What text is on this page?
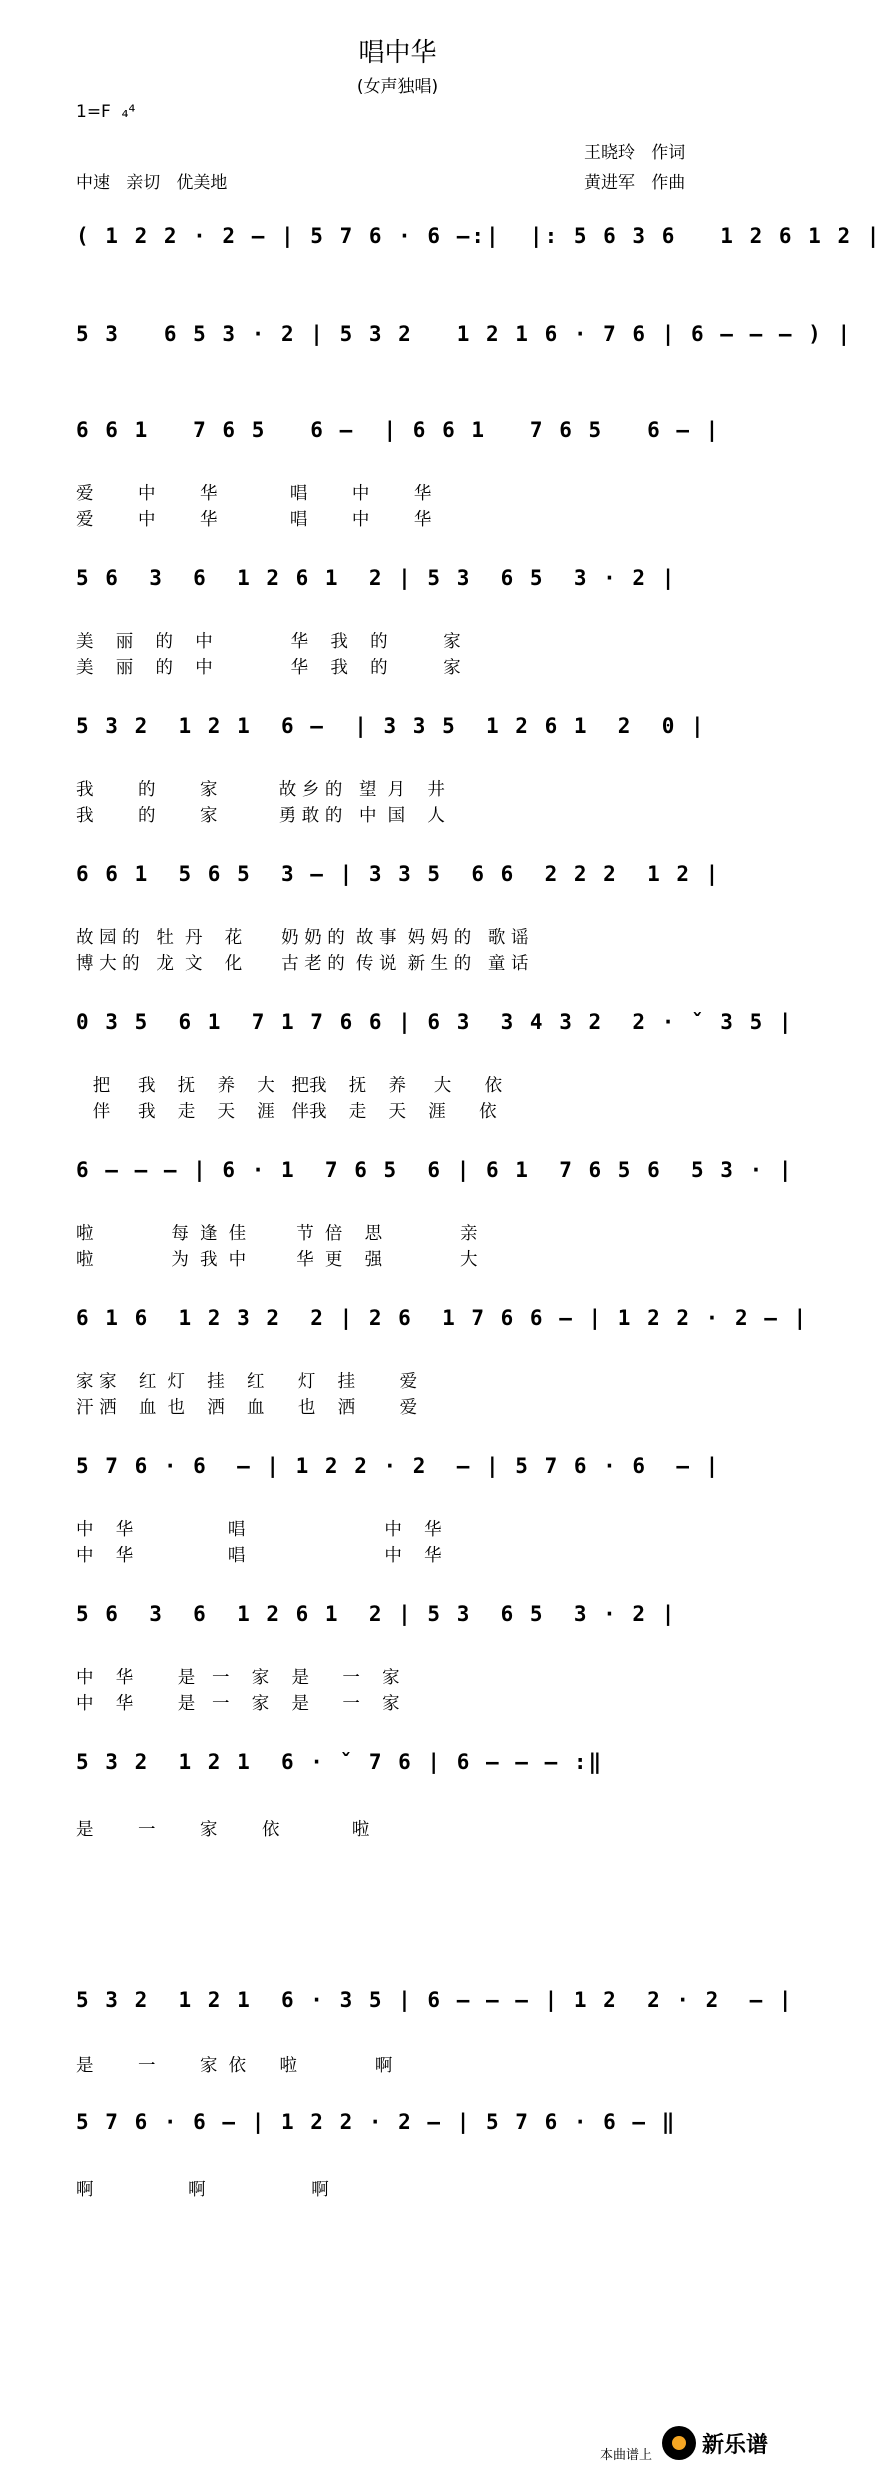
唱中华
(女声独唱)
1=F  ₄⁴
王晓玲   作词
中速   亲切   优美地	黄进军   作曲
( 1 2 2 · 2 — | 5 7 6 · 6 —:|  |: 5 6 3 6   1 2 6 1 2 |
5 3   6 5 3 · 2 | 5 3 2   1 2 1 6 · 7 6 | 6 — — — ) |
6 6 1   7 6 5   6 —  | 6 6 1   7 6 5   6 — |
爱        中        华             唱        中        华
爱        中        华             唱        中        华
5 6  3  6  1 2 6 1  2 | 5 3  6 5  3 · 2 |
美    丽    的    中              华    我    的          家
美    丽    的    中              华    我    的          家
5 3 2  1 2 1  6 —  | 3 3 5  1 2 6 1  2  0 |
我        的        家           故 乡 的   望  月    井
我        的        家           勇 敢 的   中  国    人
6 6 1  5 6 5  3 — | 3 3 5  6 6  2 2 2  1 2 |
故 园 的   牡  丹    花       奶 奶 的  故 事  妈 妈 的   歌 谣
博 大 的   龙  文    化       古 老 的  传 说  新 生 的   童 话
0 3 5  6 1  7 1 7 6 6 | 6 3  3 4 3 2  2 · ˇ 3 5 |
把     我    抚    养    大   把我    抚    养     大      依
伴     我    走    天    涯   伴我    走    天    涯      依
6 — — — | 6 · 1  7 6 5  6 | 6 1  7 6 5 6  5 3 · |
啦              每  逢  佳         节  倍    思              亲
啦              为  我  中         华  更    强              大
6 1 6  1 2 3 2  2 | 2 6  1 7 6 6 — | 1 2 2 · 2 — |
家 家    红  灯    挂    红      灯    挂        爱
汗 洒    血  也    洒    血      也    洒        爱
5 7 6 · 6  — | 1 2 2 · 2  — | 5 7 6 · 6  — |
中    华                 唱                         中    华
中    华                 唱                         中    华
5 6  3  6  1 2 6 1  2 | 5 3  6 5  3 · 2 |
中    华        是   一    家    是      一    家
中    华        是   一    家    是      一    家
5 3 2  1 2 1  6 · ˇ 7 6 | 6 — — — :‖
是        一        家        依             啦
5 3 2  1 2 1  6 · 3 5 | 6 — — — | 1 2  2 · 2  — |
是        一        家  依      啦              啊
5 7 6 · 6 — | 1 2 2 · 2 — | 5 7 6 · 6 — ‖
啊                 啊                   啊
本曲谱上 新乐谱
